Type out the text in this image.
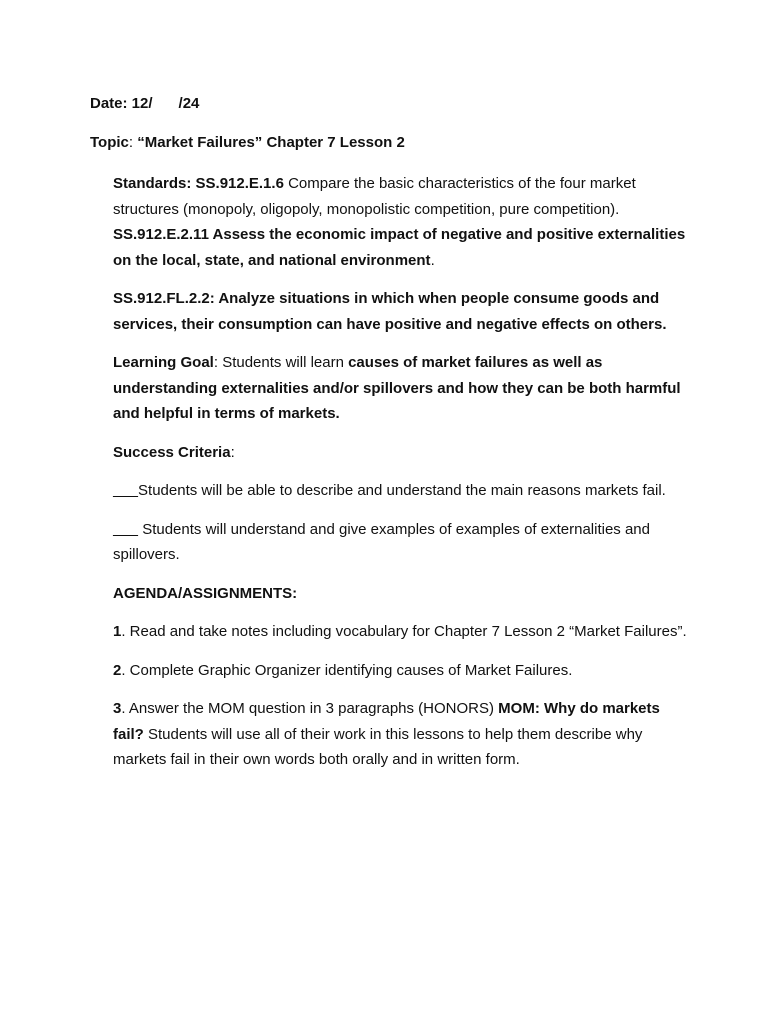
Date: 12/ /24
Topic: “Market Failures” Chapter 7 Lesson 2

Standards: SS.912.E.1.6 Compare the basic characteristics of the four market structures (monopoly, oligopoly, monopolistic competition, pure competition). SS.912.E.2.11 Assess the economic impact of negative and positive externalities on the local, state, and national environment.

SS.912.FL.2.2: Analyze situations in which when people consume goods and services, their consumption can have positive and negative effects on others.

Learning Goal: Students will learn causes of market failures as well as understanding externalities and/or spillovers and how they can be both harmful and helpful in terms of markets.

Success Criteria:

___Students will be able to describe and understand the main reasons markets fail.

___ Students will understand and give examples of examples of externalities and spillovers.

AGENDA/ASSIGNMENTS:

1. Read and take notes including vocabulary for Chapter 7 Lesson 2 “Market Failures”.

2. Complete Graphic Organizer identifying causes of Market Failures.

3. Answer the MOM question in 3 paragraphs (HONORS) MOM: Why do markets fail? Students will use all of their work in this lessons to help them describe why markets fail in their own words both orally and in written form.
